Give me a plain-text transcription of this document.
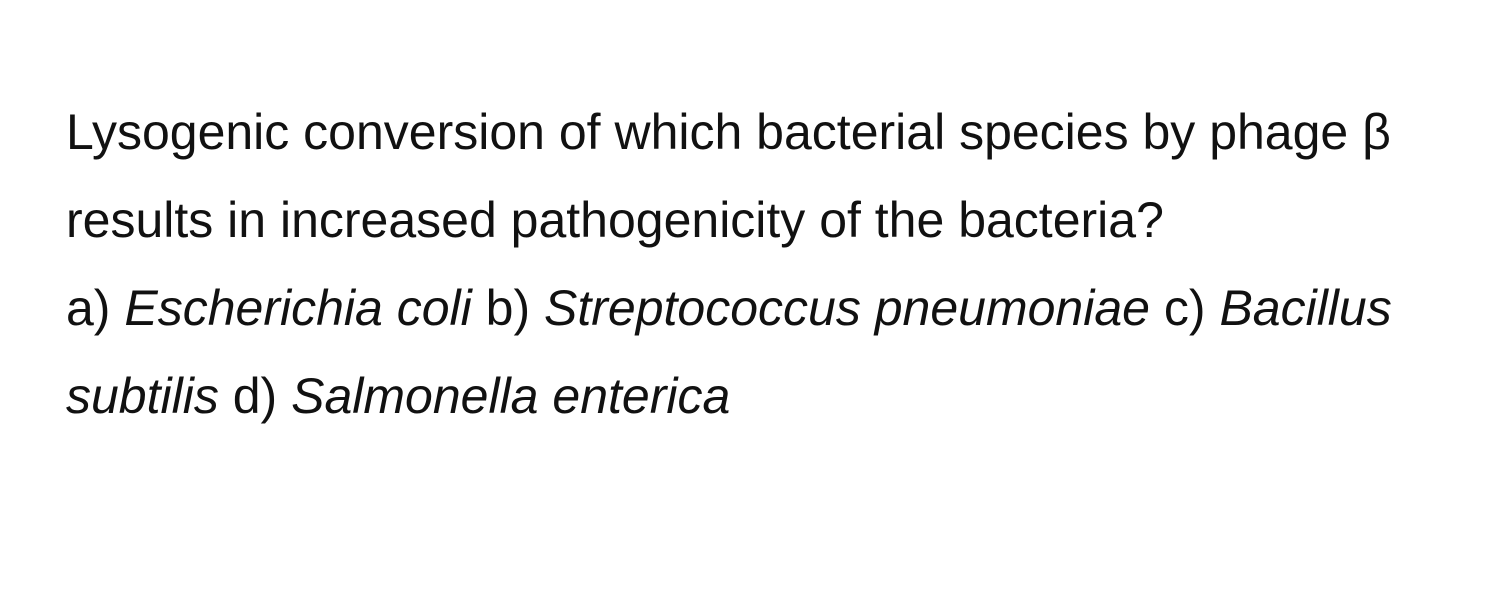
Lysogenic conversion of which bacterial species by phage β results in increased pathogenicity of the bacteria?

a) Escherichia coli b) Streptococcus pneumoniae c) Bacillus subtilis d) Salmonella enterica
